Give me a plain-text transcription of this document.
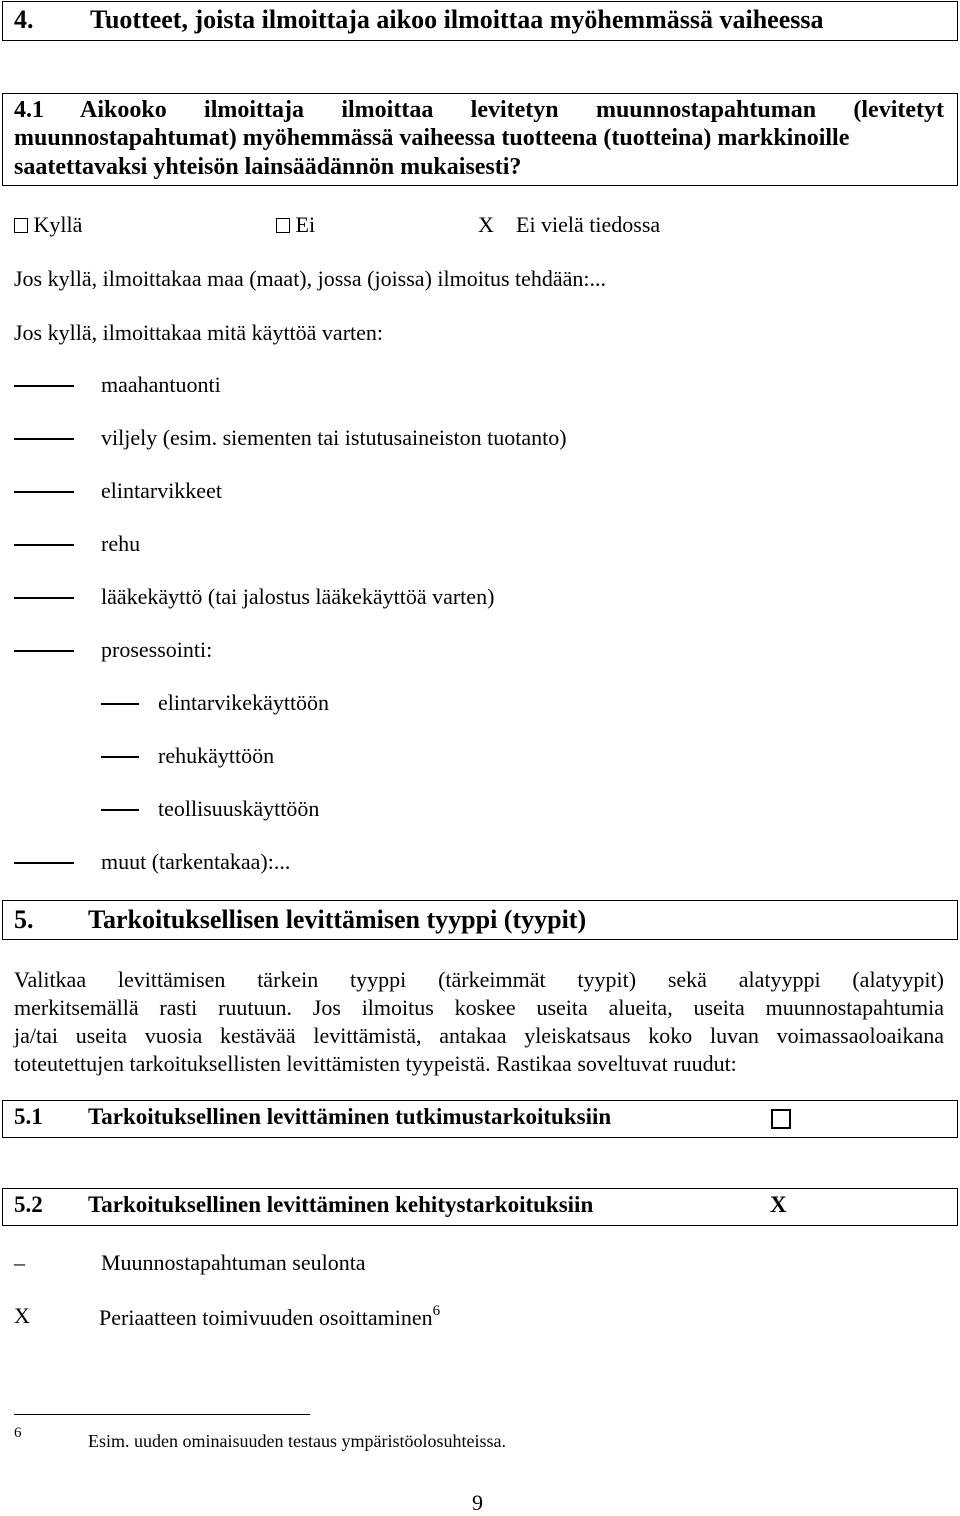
4. Tuotteet, joista ilmoittaja aikoo ilmoittaa myöhemmässä vaiheessa
4.1 Aikooko ilmoittaja ilmoittaa levitetyn muunnostapahtuman (levitetyt
muunnostapahtumat) myöhemmässä vaiheessa tuotteena (tuotteina) markkinoille
saatettavaksi yhteisön lainsäädännön mukaisesti?
Kyllä	Ei	X Ei vielä tiedossa
Jos kyllä, ilmoittakaa maa (maat), jossa (joissa) ilmoitus tehdään:...
Jos kyllä, ilmoittakaa mitä käyttöä varten:
maahantuonti
viljely (esim. siementen tai istutusaineiston tuotanto)
elintarvikkeet
rehu
lääkekäyttö (tai jalostus lääkekäyttöä varten)
prosessointi:
elintarvikekäyttöön
rehukäyttöön
teollisuuskäyttöön
muut (tarkentakaa):...
5. Tarkoituksellisen levittämisen tyyppi (tyypit)
Valitkaa levittämisen tärkein tyyppi (tärkeimmät tyypit) sekä alatyyppi (alatyypit)
merkitsemällä rasti ruutuun. Jos ilmoitus koskee useita alueita, useita muunnostapahtumia
ja/tai useita vuosia kestävää levittämistä, antakaa yleiskatsaus koko luvan voimassaoloaikana
toteutettujen tarkoituksellisten levittämisten tyypeistä. Rastikaa soveltuvat ruudut:
5.1 Tarkoituksellinen levittäminen tutkimustarkoituksiin
5.2 Tarkoituksellinen levittäminen kehitystarkoituksiin	X
–	Muunnostapahtuman seulonta
X	Periaatteen toimivuuden osoittaminen$^6$
6	Esim. uuden ominaisuuden testaus ympäristöolosuhteissa.
9
